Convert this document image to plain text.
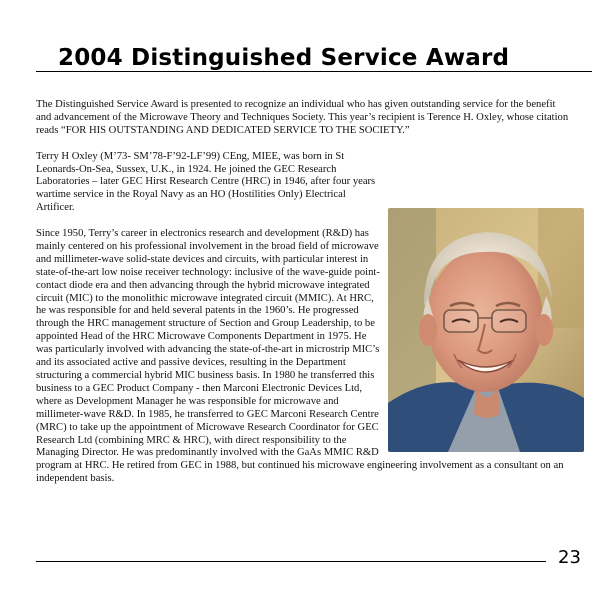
2004 Distinguished Service Award

The Distinguished Service Award is presented to recognize an individual who has given outstanding service for the benefit and advancement of the Microwave Theory and Techniques Society. This year’s recipient is Terence H. Oxley, whose citation reads “FOR HIS OUTSTANDING AND DEDICATED SERVICE TO THE SOCIETY.”

Terry H Oxley (M’73- SM’78-F’92-LF’99) CEng, MIEE, was born in St Leonards-On-Sea, Sussex, U.K., in 1924. He joined the GEC Research Laboratories – later GEC Hirst Research Centre (HRC) in 1946, after four years wartime service in the Royal Navy as an HO (Hostilities Only) Electrical Artificer.

Since 1950, Terry’s career in electronics research and development (R&D) has mainly centered on his professional involvement in the broad field of microwave and millimeter-wave solid-state devices and circuits, with particular interest in state-of-the-art low noise receiver technology: inclusive of the wave-guide point-contact diode era and then advancing through the hybrid microwave integrated circuit (MIC) to the monolithic microwave integrated circuit (MMIC). At HRC, he was responsible for and held several patents in the 1960’s. He progressed through the HRC management structure of Section and Group Leadership, to be appointed Head of the HRC Microwave Components Department in 1975. He was particularly involved with advancing the state-of-the-art in microstrip MIC’s and its associated active and passive devices, resulting in the Department structuring a commercial hybrid MIC business basis. In 1980 he transferred this business to a GEC Product Company - then Marconi Electronic Devices Ltd, where as Development Manager he was responsible for microwave and millimeter-wave R&D. In 1985, he transferred to GEC Marconi Research Centre (MRC) to take up the appointment of Microwave Research Coordinator for GEC Research Ltd (combining MRC & HRC), with direct responsibility to the Managing Director. He was predominantly involved with the GaAs MMIC R&D program at HRC. He retired from GEC in 1988, but continued his microwave engineering involvement as a consultant on an independent basis.

23
